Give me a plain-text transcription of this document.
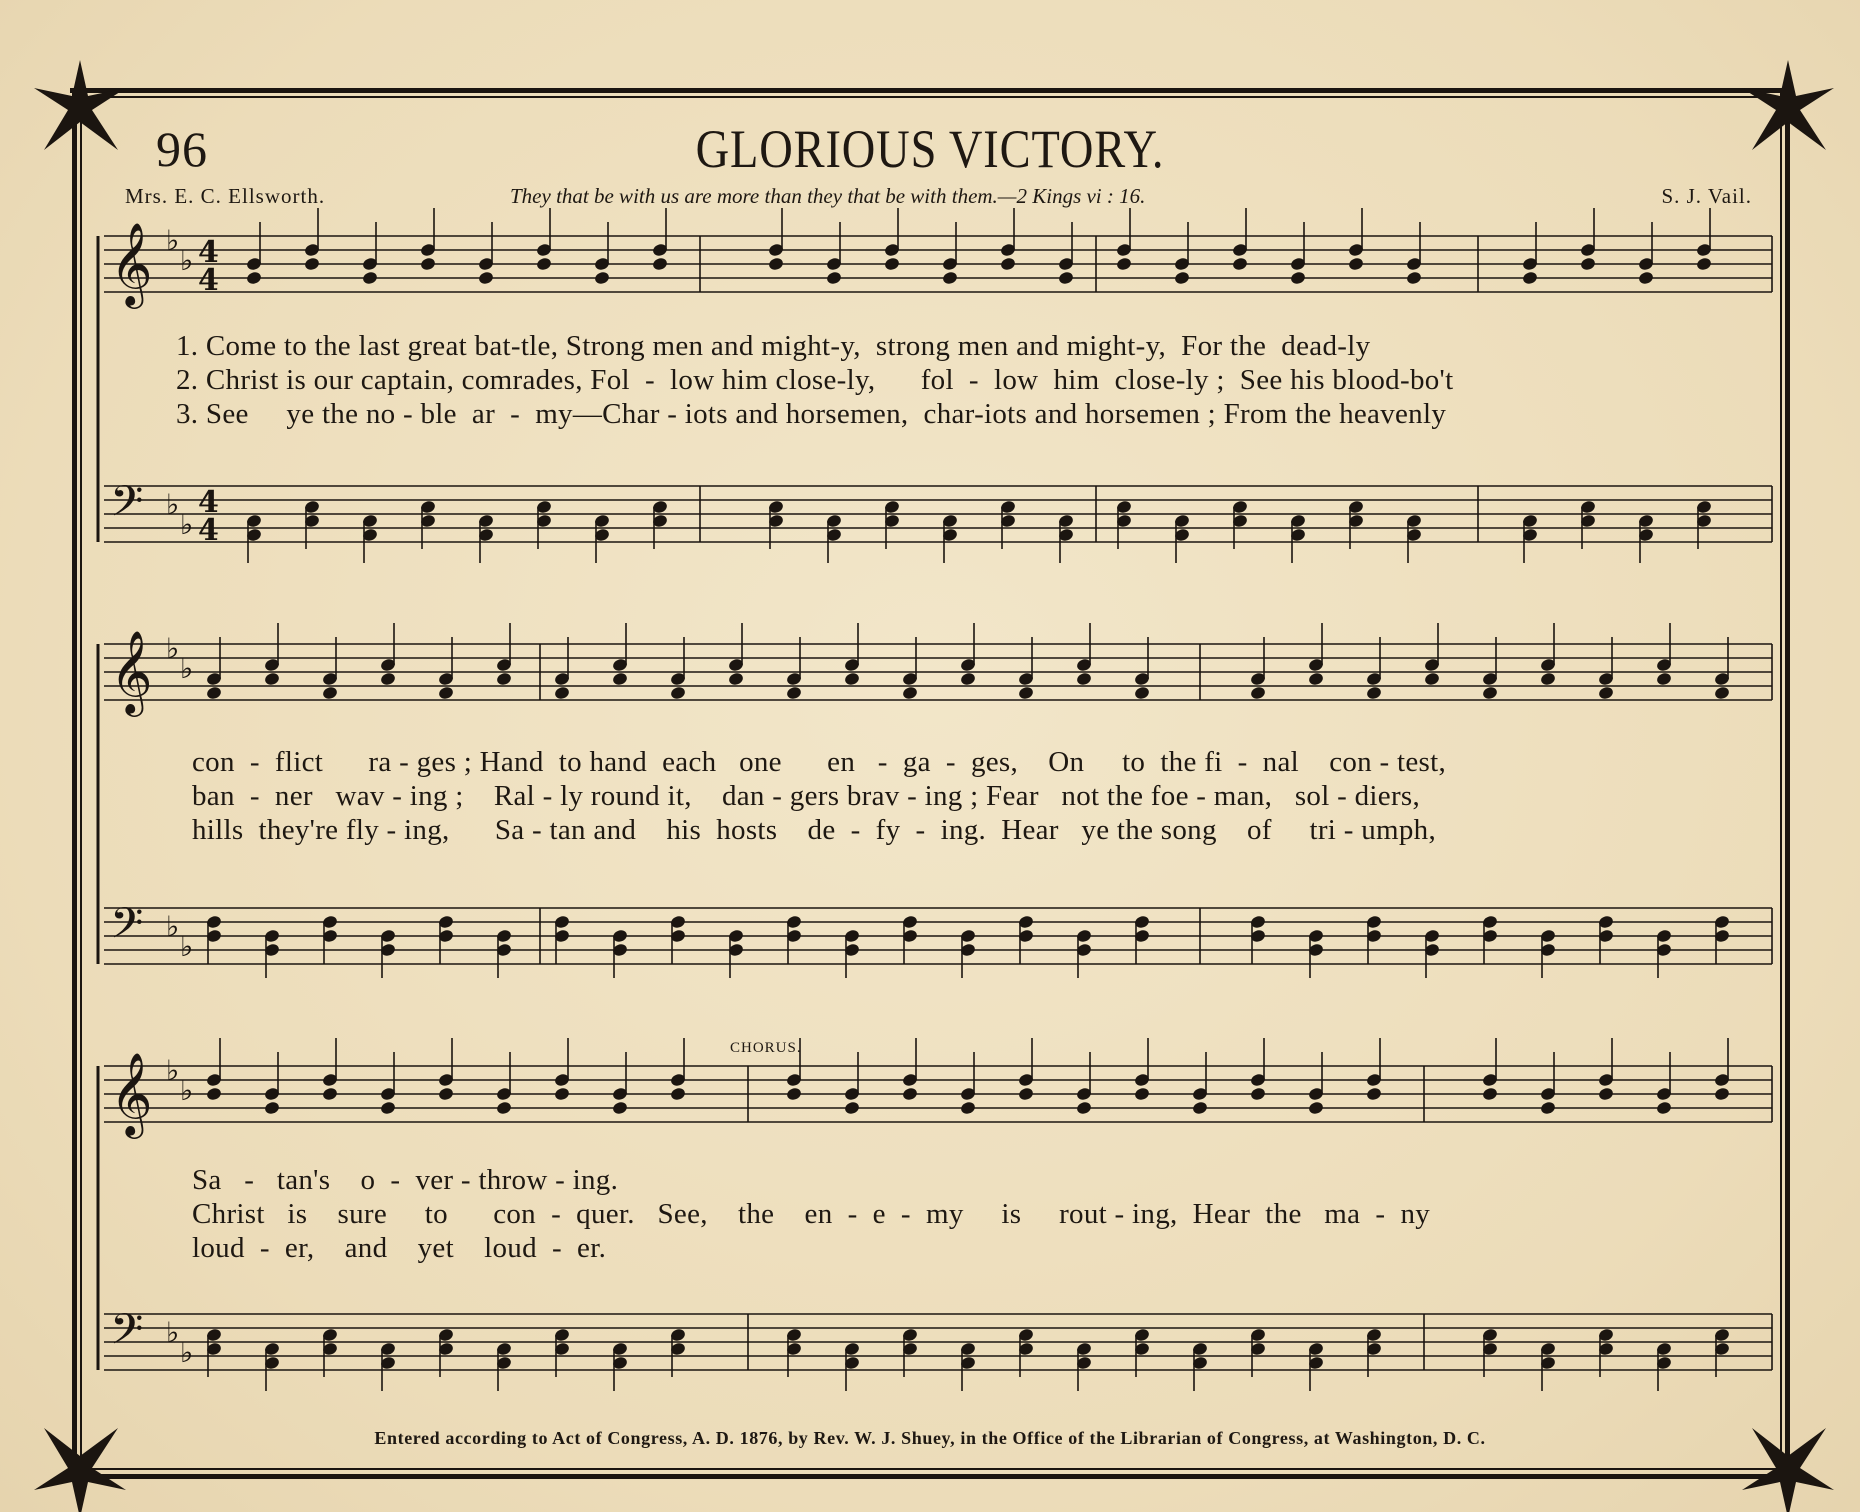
96	GLORIOUS VICTORY.
Mrs. E. C. Ellsworth.	They that be with us are more than they that be with them.—2 Kings vi : 16.	S. J. Vail.
𝄞 ♭
♭
𝄢 ♭
♭
𝄞 ♭
♭
𝄢 ♭
♭
𝄞 ♭
♭
𝄢 ♭
♭
4
4
4
4
1. Come to the last great bat-tle, Strong men and might-y,  strong men and might-y,  For the  dead-ly
2. Christ is our captain, comrades, Fol  -  low him close-ly,      fol  -  low  him  close-ly ;  See his blood-bo't
3. See     ye the no - ble  ar  -  my—Char - iots and horsemen,  char-iots and horsemen ; From the heavenly
con  -  flict      ra - ges ; Hand  to hand  each   one      en   -  ga  -  ges,    On     to  the fi  -  nal    con - test,
ban  -  ner   wav - ing ;    Ral - ly round it,    dan - gers brav - ing ; Fear   not the foe - man,   sol - diers,
hills  they're fly - ing,      Sa - tan and    his  hosts    de  -  fy  -  ing.  Hear   ye the song    of     tri - umph,
CHORUS.
Sa   -   tan's    o  -  ver - throw - ing.
Christ   is    sure     to      con  -  quer.   See,    the    en  -  e  -  my     is     rout - ing,  Hear  the   ma  -  ny
loud  -  er,    and    yet    loud  -  er.
Entered according to Act of Congress, A. D. 1876, by Rev. W. J. Shuey, in the Office of the Librarian of Congress, at Washington, D. C.
